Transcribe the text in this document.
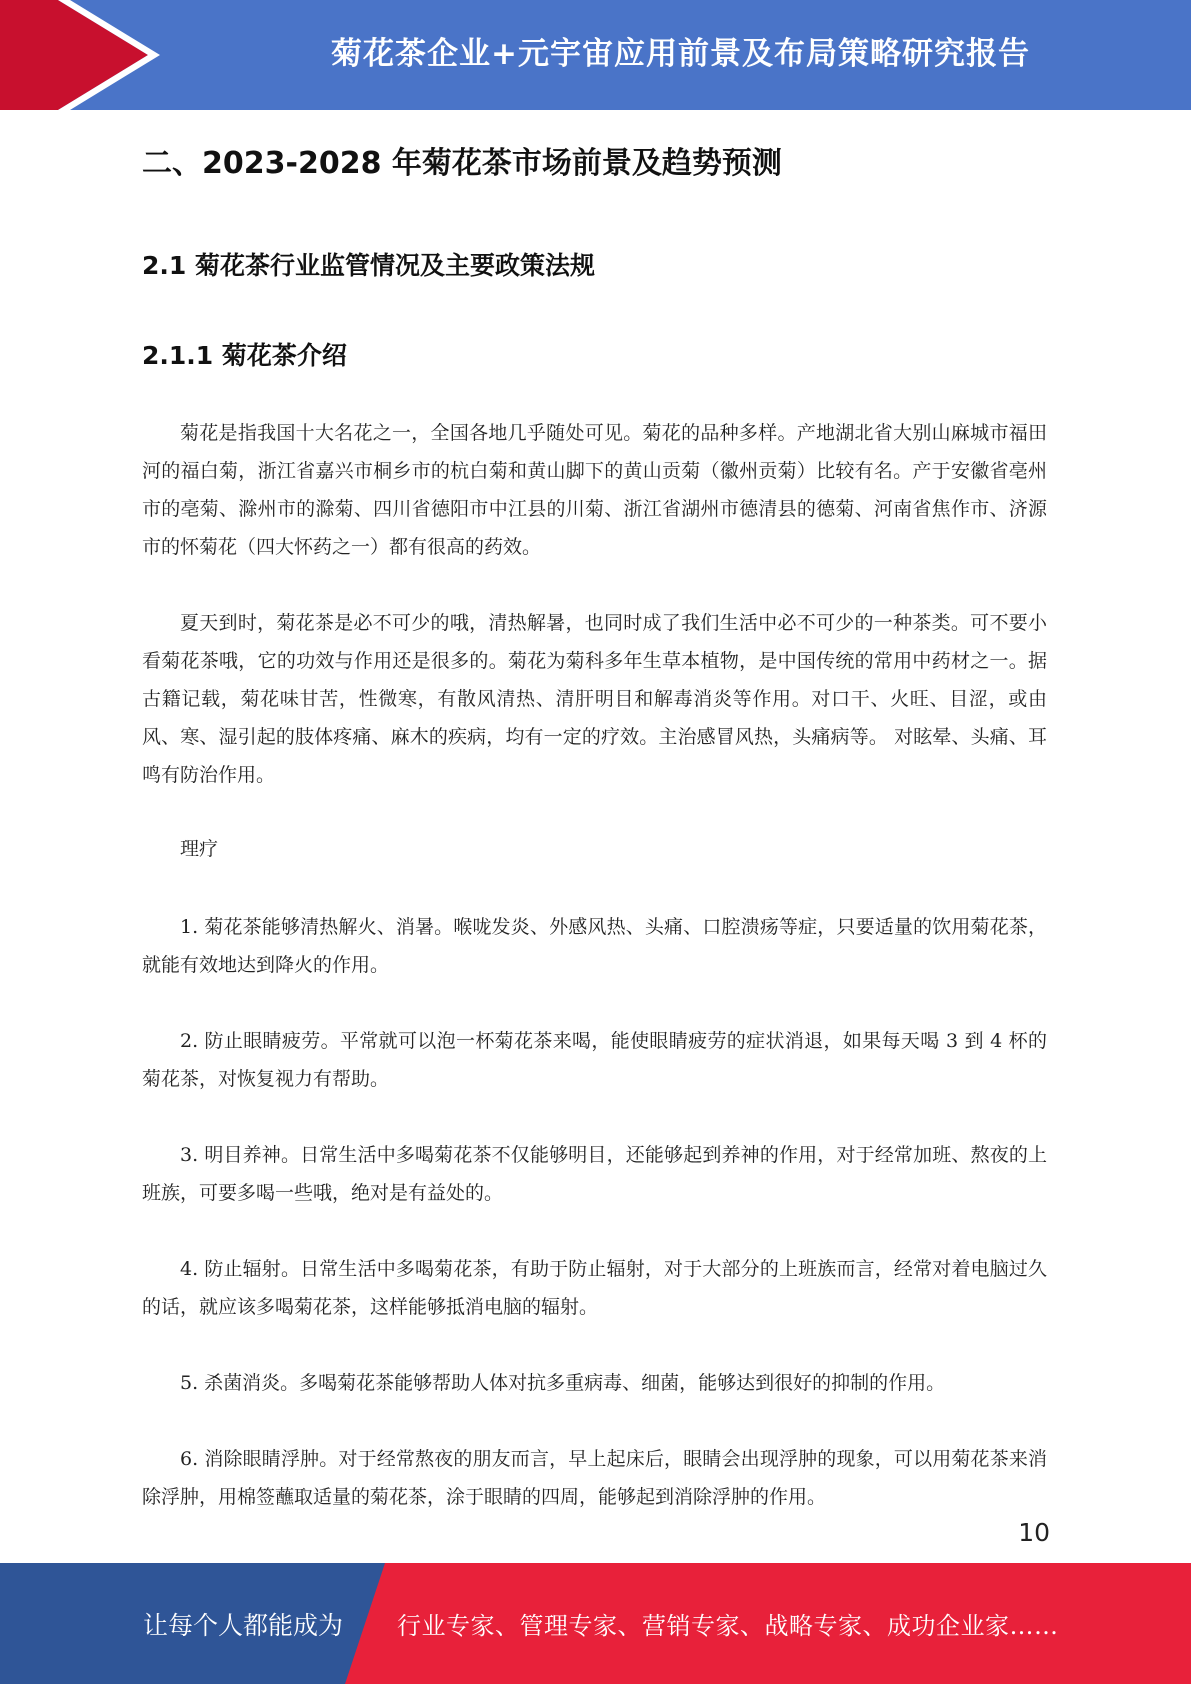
菊花茶企业+元宇宙应用前景及布局策略研究报告
二、2023-2028 年菊花茶市场前景及趋势预测
2.1 菊花茶行业监管情况及主要政策法规
2.1.1 菊花茶介绍

菊花是指我国十大名花之一，全国各地几乎随处可见。菊花的品种多样。产地湖北省大别山麻城市福田河的福白菊，浙江省嘉兴市桐乡市的杭白菊和黄山脚下的黄山贡菊（徽州贡菊）比较有名。产于安徽省亳州市的亳菊、滁州市的滁菊、四川省德阳市中江县的川菊、浙江省湖州市德清县的德菊、河南省焦作市、济源市的怀菊花（四大怀药之一）都有很高的药效。

夏天到时，菊花茶是必不可少的哦，清热解暑，也同时成了我们生活中必不可少的一种茶类。可不要小看菊花茶哦，它的功效与作用还是很多的。菊花为菊科多年生草本植物，是中国传统的常用中药材之一。据古籍记载，菊花味甘苦，性微寒，有散风清热、清肝明目和解毒消炎等作用。对口干、火旺、目涩，或由风、寒、湿引起的肢体疼痛、麻木的疾病，均有一定的疗效。主治感冒风热，头痛病等。 对眩晕、头痛、耳鸣有防治作用。

理疗

1. 菊花茶能够清热解火、消暑。喉咙发炎、外感风热、头痛、口腔溃疡等症，只要适量的饮用菊花茶，就能有效地达到降火的作用。

2. 防止眼睛疲劳。平常就可以泡一杯菊花茶来喝，能使眼睛疲劳的症状消退，如果每天喝 3 到 4 杯的菊花茶，对恢复视力有帮助。

3. 明目养神。日常生活中多喝菊花茶不仅能够明目，还能够起到养神的作用，对于经常加班、熬夜的上班族，可要多喝一些哦，绝对是有益处的。

4. 防止辐射。日常生活中多喝菊花茶，有助于防止辐射，对于大部分的上班族而言，经常对着电脑过久的话，就应该多喝菊花茶，这样能够抵消电脑的辐射。

5. 杀菌消炎。多喝菊花茶能够帮助人体对抗多重病毒、细菌，能够达到很好的抑制的作用。

6. 消除眼睛浮肿。对于经常熬夜的朋友而言，早上起床后，眼睛会出现浮肿的现象，可以用菊花茶来消除浮肿，用棉签蘸取适量的菊花茶，涂于眼睛的四周，能够起到消除浮肿的作用。

10
让每个人都能成为 行业专家、管理专家、营销专家、战略专家、成功企业家……
